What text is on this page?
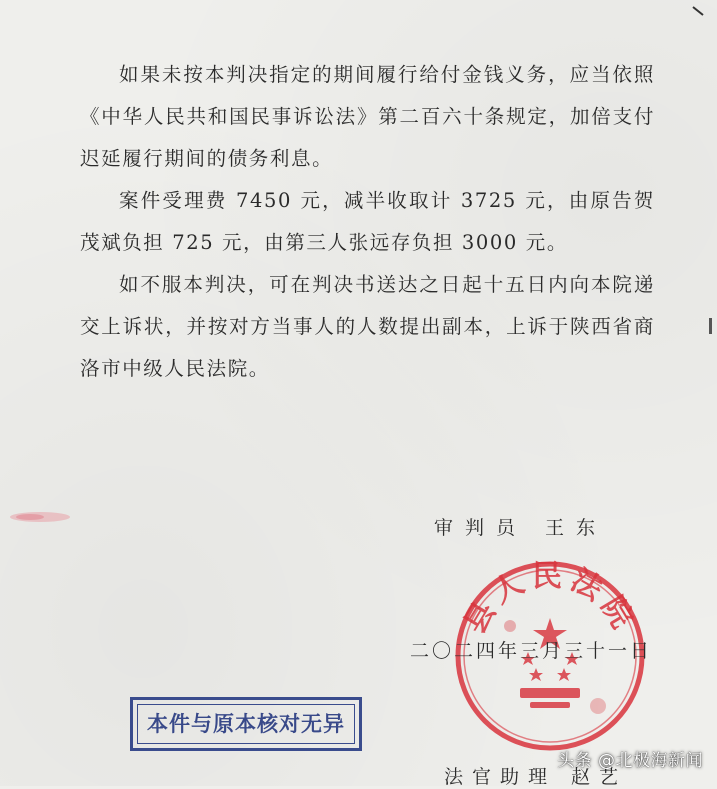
如果未按本判决指定的期间履行给付金钱义务，应当依照《中华人民共和国民事诉讼法》第二百六十条规定，加倍支付迟延履行期间的债务利息。

案件受理费 7450 元，减半收取计 3725 元，由原告贺茂斌负担 725 元，由第三人张远存负担 3000 元。

如不服本判决，可在判决书送达之日起十五日内向本院递交上诉状，并按对方当事人的人数提出副本，上诉于陕西省商洛市中级人民法院。

审判员 王东
县人民法院
二〇二四年三月三十一日
本件与原本核对无异
法官助理 赵艺
头条 @北极海新闻
